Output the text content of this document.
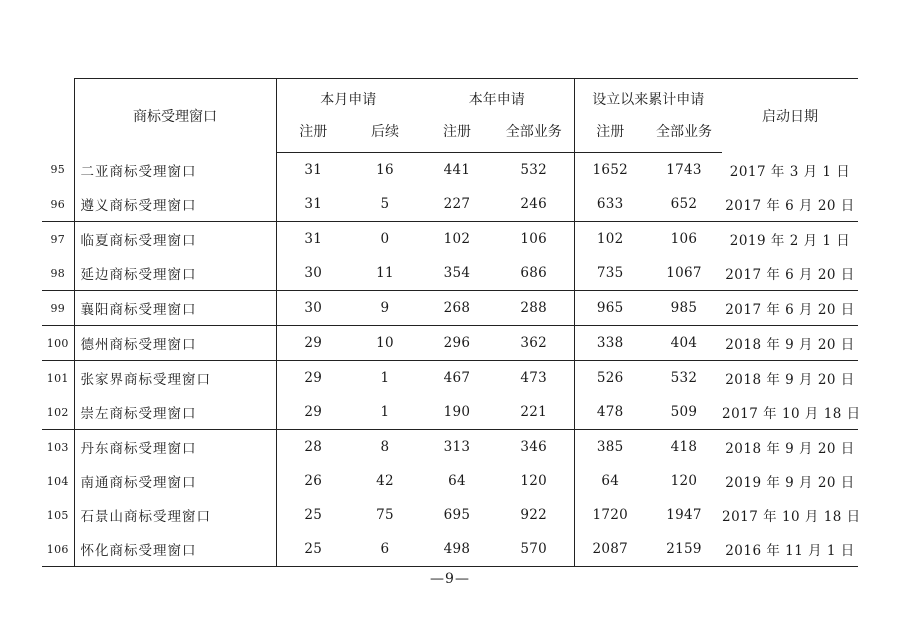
	商标受理窗口	本月申请		本年申请		设立以来累计申请		启动日期
		注册	后续	注册	全部业务	注册	全部业务	
95	二亚商标受理窗口	31	16	441	532	1652	1743	2017 年 3 月 1 日
96	遵义商标受理窗口	31	5	227	246	633	652	2017 年 6 月 20 日
97	临夏商标受理窗口	31	0	102	106	102	106	2019 年 2 月 1 日
98	延边商标受理窗口	30	11	354	686	735	1067	2017 年 6 月 20 日
99	襄阳商标受理窗口	30	9	268	288	965	985	2017 年 6 月 20 日
100	德州商标受理窗口	29	10	296	362	338	404	2018 年 9 月 20 日
101	张家界商标受理窗口	29	1	467	473	526	532	2018 年 9 月 20 日
102	崇左商标受理窗口	29	1	190	221	478	509	2017 年 10 月 18 日
103	丹东商标受理窗口	28	8	313	346	385	418	2018 年 9 月 20 日
104	南通商标受理窗口	26	42	64	120	64	120	2019 年 9 月 20 日
105	石景山商标受理窗口	25	75	695	922	1720	1947	2017 年 10 月 18 日
106	怀化商标受理窗口	25	6	498	570	2087	2159	2016 年 11 月 1 日
—9—
